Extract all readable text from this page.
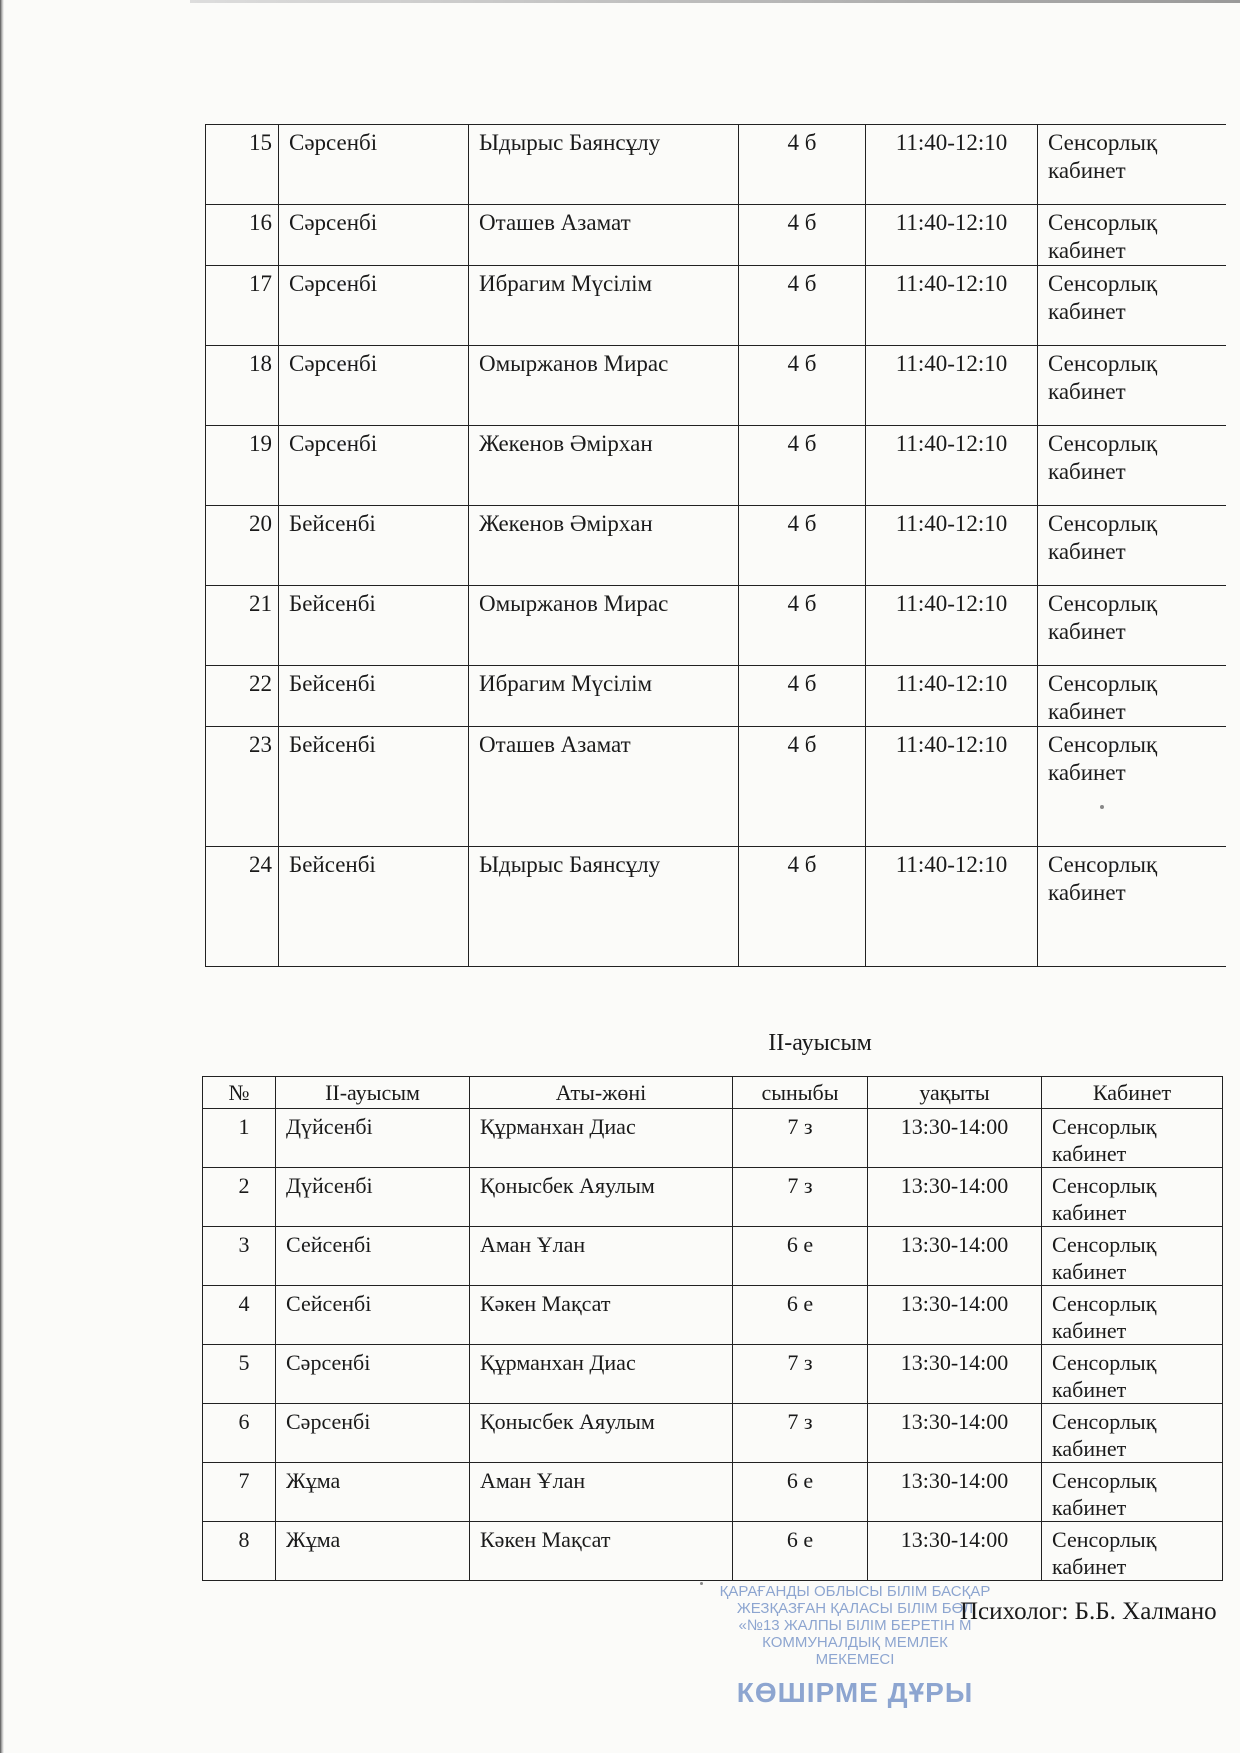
15	Сәрсенбі	Ыдырыс Баянсұлу	4 б	11:40-12:10	Сенсорлық кабинет
16	Сәрсенбі	Оташев Азамат	4 б	11:40-12:10	Сенсорлық кабинет
17	Сәрсенбі	Ибрагим Мүсілім	4 б	11:40-12:10	Сенсорлық кабинет
18	Сәрсенбі	Омыржанов Мирас	4 б	11:40-12:10	Сенсорлық кабинет
19	Сәрсенбі	Жекенов Әмірхан	4 б	11:40-12:10	Сенсорлық кабинет
20	Бейсенбі	Жекенов Әмірхан	4 б	11:40-12:10	Сенсорлық кабинет
21	Бейсенбі	Омыржанов Мирас	4 б	11:40-12:10	Сенсорлық кабинет
22	Бейсенбі	Ибрагим Мүсілім	4 б	11:40-12:10	Сенсорлық кабинет
23	Бейсенбі	Оташев Азамат	4 б	11:40-12:10	Сенсорлық кабинет
24	Бейсенбі	Ыдырыс Баянсұлу	4 б	11:40-12:10	Сенсорлық кабинет
II-ауысым
№	II-ауысым	Аты-жөні	сыныбы	уақыты	Кабинет
1	Дүйсенбі	Құрманхан Диас	7 з	13:30-14:00	Сенсорлық кабинет
2	Дүйсенбі	Қонысбек Аяулым	7 з	13:30-14:00	Сенсорлық кабинет
3	Сейсенбі	Аман Ұлан	6 е	13:30-14:00	Сенсорлық кабинет
4	Сейсенбі	Кәкен Мақсат	6 е	13:30-14:00	Сенсорлық кабинет
5	Сәрсенбі	Құрманхан Диас	7 з	13:30-14:00	Сенсорлық кабинет
6	Сәрсенбі	Қонысбек Аяулым	7 з	13:30-14:00	Сенсорлық кабинет
7	Жұма	Аман Ұлан	6 е	13:30-14:00	Сенсорлық кабинет
8	Жұма	Кәкен Мақсат	6 е	13:30-14:00	Сенсорлық кабинет
ҚАРАҒАНДЫ ОБЛЫСЫ БІЛІМ БАСҚАР
ЖЕЗҚАЗҒАН ҚАЛАСЫ БІЛІМ БӨЛ
«№13 ЖАЛПЫ БІЛІМ БЕРЕТІН М
КОММУНАЛДЫҚ МЕМЛЕК
МЕКЕМЕСІ
КӨШІРМЕ ДҰРЫ
Психолог: Б.Б. Халмано
